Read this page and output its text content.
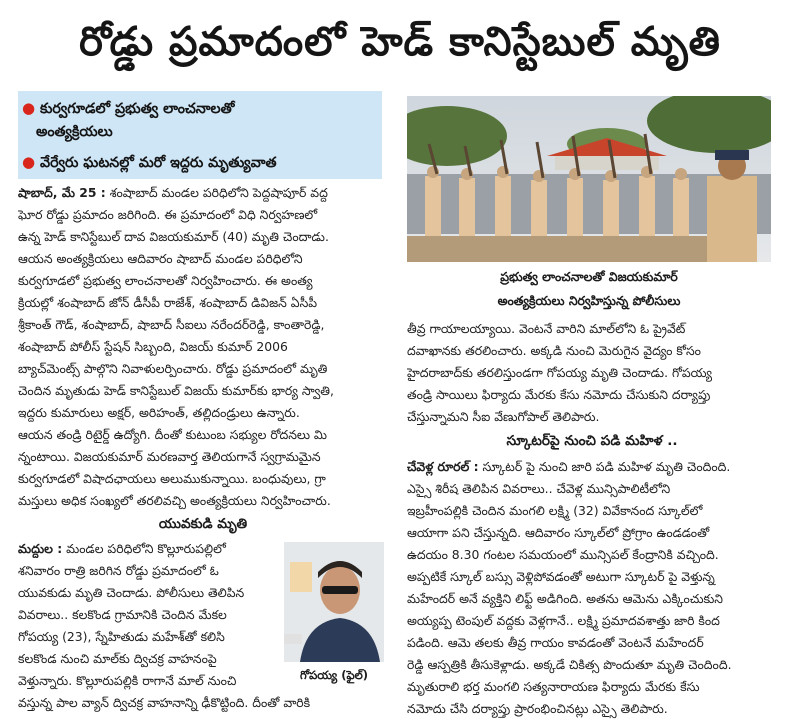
రోడ్డు ప్రమాదంలో హెడ్ కానిస్టేబుల్ మృతి
● కుర్వగూడలో ప్రభుత్వ లాంచనాలతో
అంత్యక్రియలు
● వేర్వేరు ఘటనల్లో మరో ఇద్దరు మృత్యువాత
ప్రభుత్వ లాంచనాలతో విజయకుమార్
అంత్యక్రియలు నిర్వహిస్తున్న పోలీసులు
షాబాద్, మే 25 : శంషాబాద్ మండల పరిధిలోని పెద్దషాపూర్ వద్ద
ఘోర రోడ్డు ప్రమాదం జరిగింది. ఈ ప్రమాదంలో విధి నిర్వహణలో
ఉన్న హెడ్ కానిస్టేబుల్ దావ విజయకుమార్ (40) మృతి చెందాడు.
ఆయన అంత్యక్రియలు ఆదివారం షాబాద్ మండల పరిధిలోని
కుర్వగూడలో ప్రభుత్వ లాంచనాలతో నిర్వహించారు. ఈ అంత్య
క్రియల్లో శంషాబాద్ జోన్ డీసీపీ రాజేశ్, శంషాబాద్ డివిజన్ ఏసీపీ
శ్రీకాంత్ గౌడ్, శంషాబాద్, షాబాద్ సీఐలు నరేందర్‌రెడ్డి, కాంతారెడ్డి,
శంషాబాద్ పోలీస్ స్టేషన్ సిబ్బంది, విజయ్ కుమార్ 2006
బ్యాచ్‌మెంట్స్ పాల్గొని నివాళులర్పించారు. రోడ్డు ప్రమాదంలో మృతి
చెందిన మృతుడు హెడ్ కానిస్టేబుల్ విజయ్ కుమార్‌కు భార్య స్వాతి,
ఇద్దరు కుమారులు అక్షర్, అరిహంత్, తల్లిదండ్రులు ఉన్నారు.
ఆయన తండ్రి రిటైర్డ్ ఉద్యోగి. దీంతో కుటుంబ సభ్యుల రోదనలు మి
న్నంటాయి. విజయకుమార్ మరణవార్త తెలియగానే స్వగ్రామమైన
కుర్వగూడలో విషాదఛాయలు అలుముకున్నాయి. బంధువులు, గ్రా
మస్తులు అధిక సంఖ్యలో తరలివచ్చి అంత్యక్రియలు నిర్వహించారు.
యువకుడి మృతి
మద్దుల : మండల పరిధిలోని కొల్లూరుపల్లిలో
శనివారం రాత్రి జరిగిన రోడ్డు ప్రమాదంలో ఓ
యువకుడు మృతి చెందాడు. పోలీసులు తెలిపిన
వివరాలు.. కలకొండ గ్రామానికి చెందిన మేకల
గోపయ్య (23), స్నేహితుడు మహేశ్‌తో కలిసి
కలకొండ నుంచి మాల్‌కు ద్విచక్ర వాహనంపై
వెళ్తున్నారు. కొల్లూరుపల్లికి రాగానే మాల్ నుంచి
వస్తున్న పాల వ్యాన్ ద్విచక్ర వాహనాన్ని ఢీకొట్టింది. దీంతో వారికి
గోపయ్య (ఫైల్)
తీవ్ర గాయాలయ్యాయి. వెంటనే వారిని మాల్‌లోని ఓ ప్రైవేట్
దవాఖానకు తరలించారు. అక్కడి నుంచి మెరుగైన వైద్యం కోసం
హైదరాబాద్‌కు తరలిస్తుండగా గోపయ్య మృతి చెందాడు. గోపయ్య
తండ్రి సాయిలు ఫిర్యాదు మేరకు కేసు నమోదు చేసుకుని దర్యాప్తు
చేస్తున్నామని సీఐ వేణుగోపాల్ తెలిపారు.
స్కూటర్‌పై నుంచి పడి మహిళ ..
చేవెళ్ల రూరల్ : స్కూటర్ పై నుంచి జారి పడి మహిళ మృతి చెందింది.
ఎస్సై శిరీష తెలిపిన వివరాలు.. చేవెళ్ల మున్సిపాలిటీలోని
ఇబ్రహీంపల్లికి చెందిన మంగలి లక్ష్మి (32) వివేకానంద స్కూల్‌లో
ఆయాగా పని చేస్తున్నది. ఆదివారం స్కూల్‌లో ప్రోగ్రాం ఉండడంతో
ఉదయం 8.30 గంటల సమయంలో మున్సిపల్ కేంద్రానికి వచ్చింది.
అప్పటికే స్కూల్ బస్సు వెళ్లిపోవడంతో అటుగా స్కూటర్ పై వెళ్తున్న
మహేందర్ అనే వ్యక్తిని లిఫ్ట్ అడిగింది. అతను ఆమెను ఎక్కించుకుని
అయ్యప్ప టెంపుల్ వద్దకు వెళ్లగానే.. లక్ష్మి ప్రమాదవశాత్తు జారి కింద
పడింది. ఆమె తలకు తీవ్ర గాయం కావడంతో వెంటనే మహేందర్
రెడ్డి ఆస్పత్రికి తీసుకెళ్లాడు. అక్కడే చికిత్స పొందుతూ మృతి చెందింది.
మృతురాలి భర్త మంగలి సత్యనారాయణ ఫిర్యాదు మేరకు కేసు
నమోదు చేసి దర్యాప్తు ప్రారంభించినట్లు ఎస్సై తెలిపారు.
